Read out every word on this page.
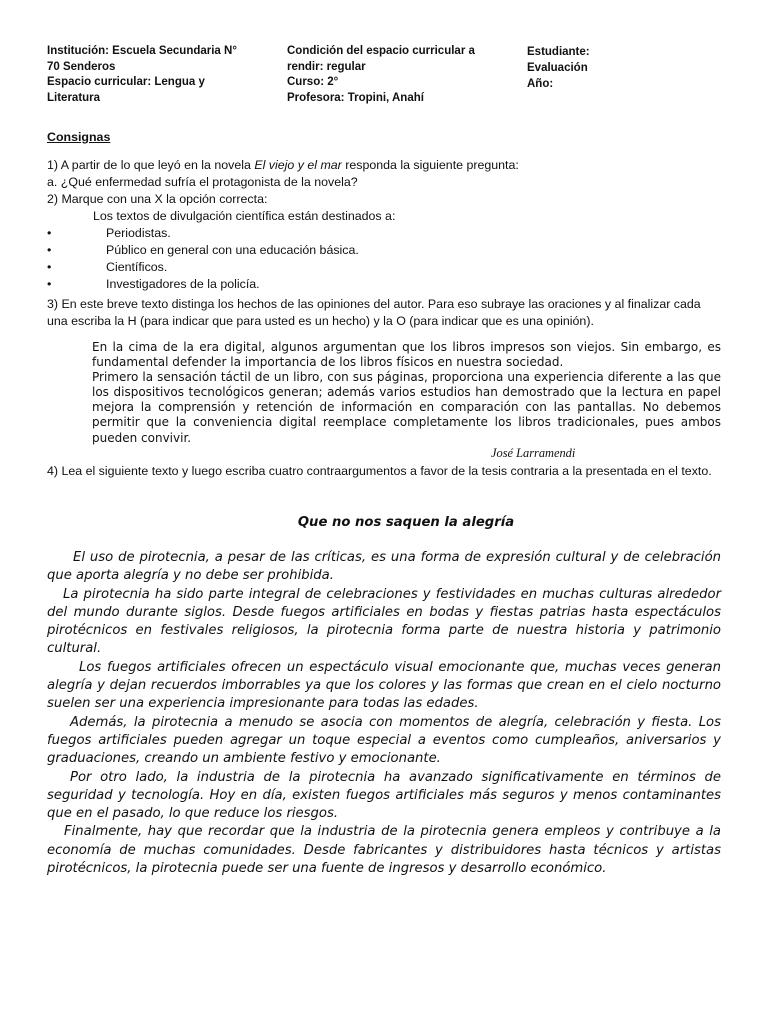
Institución: Escuela Secundaria N°
70 Senderos
Espacio curricular: Lengua y
Literatura
Condición del espacio curricular a
rendir: regular
Curso: 2°
Profesora: Tropini, Anahí
Estudiante:
Evaluación
Año:
Consignas
1) A partir de lo que leyó en la novela El viejo y el mar responda la siguiente pregunta:
a. ¿Qué enfermedad sufría el protagonista de la novela?
2) Marque con una X la opción correcta:
Los textos de divulgación científica están destinados a:
•	Periodistas.
•	Público en general con una educación básica.
•	Científicos.
•	Investigadores de la policía.
3) En este breve texto distinga los hechos de las opiniones del autor. Para eso subraye las oraciones y al finalizar cada una escriba la H (para indicar que para usted es un hecho) y la O (para indicar que es una opinión).
En la cima de la era digital, algunos argumentan que los libros impresos son viejos. Sin embargo, es fundamental defender la importancia de los libros físicos en nuestra sociedad.
Primero la sensación táctil de un libro, con sus páginas, proporciona una experiencia diferente a las que los dispositivos tecnológicos generan; además varios estudios han demostrado que la lectura en papel mejora la comprensión y retención de información en comparación con las pantallas. No debemos permitir que la conveniencia digital reemplace completamente los libros tradicionales, pues ambos pueden convivir.
José Larramendi
4) Lea el siguiente texto y luego escriba cuatro contraargumentos a favor de la tesis contraria a la presentada en el texto.
Que no nos saquen la alegría

El uso de pirotecnia, a pesar de las críticas, es una forma de expresión cultural y de celebración que aporta alegría y no debe ser prohibida.

La pirotecnia ha sido parte integral de celebraciones y festividades en muchas culturas alrededor del mundo durante siglos. Desde fuegos artificiales en bodas y fiestas patrias hasta espectáculos pirotécnicos en festivales religiosos, la pirotecnia forma parte de nuestra historia y patrimonio cultural.

Los fuegos artificiales ofrecen un espectáculo visual emocionante que, muchas veces generan alegría y dejan recuerdos imborrables ya que los colores y las formas que crean en el cielo nocturno suelen ser una experiencia impresionante para todas las edades.

Además, la pirotecnia a menudo se asocia con momentos de alegría, celebración y fiesta. Los fuegos artificiales pueden agregar un toque especial a eventos como cumpleaños, aniversarios y graduaciones, creando un ambiente festivo y emocionante.

Por otro lado, la industria de la pirotecnia ha avanzado significativamente en términos de seguridad y tecnología. Hoy en día, existen fuegos artificiales más seguros y menos contaminantes que en el pasado, lo que reduce los riesgos.

Finalmente, hay que recordar que la industria de la pirotecnia genera empleos y contribuye a la economía de muchas comunidades. Desde fabricantes y distribuidores hasta técnicos y artistas pirotécnicos, la pirotecnia puede ser una fuente de ingresos y desarrollo económico.
